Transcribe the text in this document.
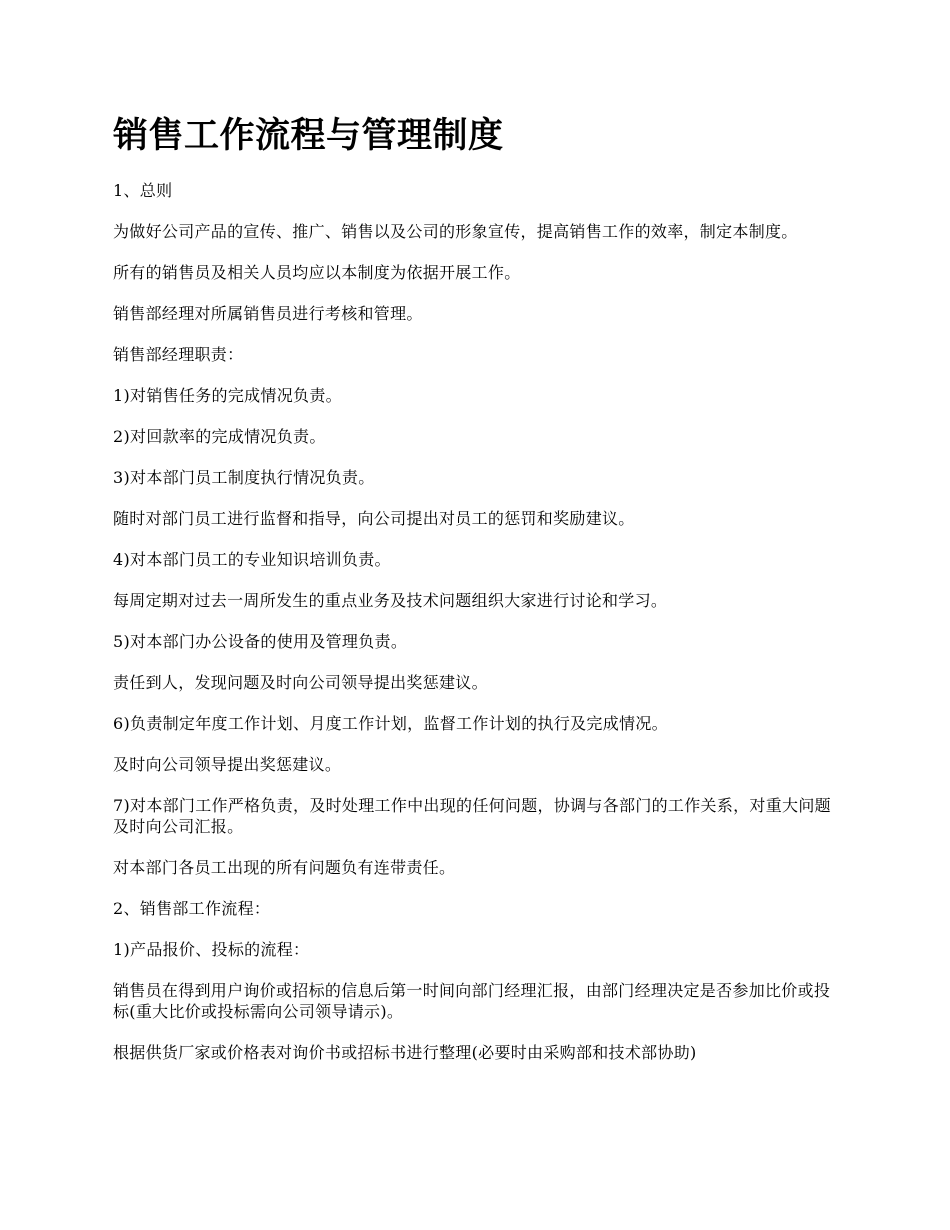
销售工作流程与管理制度

1、总则

为做好公司产品的宣传、推广、销售以及公司的形象宣传，提高销售工作的效率，制定本制度。

所有的销售员及相关人员均应以本制度为依据开展工作。

销售部经理对所属销售员进行考核和管理。

销售部经理职责：

1)对销售任务的完成情况负责。

2)对回款率的完成情况负责。

3)对本部门员工制度执行情况负责。

随时对部门员工进行监督和指导，向公司提出对员工的惩罚和奖励建议。

4)对本部门员工的专业知识培训负责。

每周定期对过去一周所发生的重点业务及技术问题组织大家进行讨论和学习。

5)对本部门办公设备的使用及管理负责。

责任到人，发现问题及时向公司领导提出奖惩建议。

6)负责制定年度工作计划、月度工作计划，监督工作计划的执行及完成情况。

及时向公司领导提出奖惩建议。

7)对本部门工作严格负责，及时处理工作中出现的任何问题，协调与各部门的工作关系，对重大问题及时向公司汇报。

对本部门各员工出现的所有问题负有连带责任。

2、销售部工作流程：

1)产品报价、投标的流程：

销售员在得到用户询价或招标的信息后第一时间向部门经理汇报，由部门经理决定是否参加比价或投标(重大比价或投标需向公司领导请示)。

根据供货厂家或价格表对询价书或招标书进行整理(必要时由采购部和技术部协助)
